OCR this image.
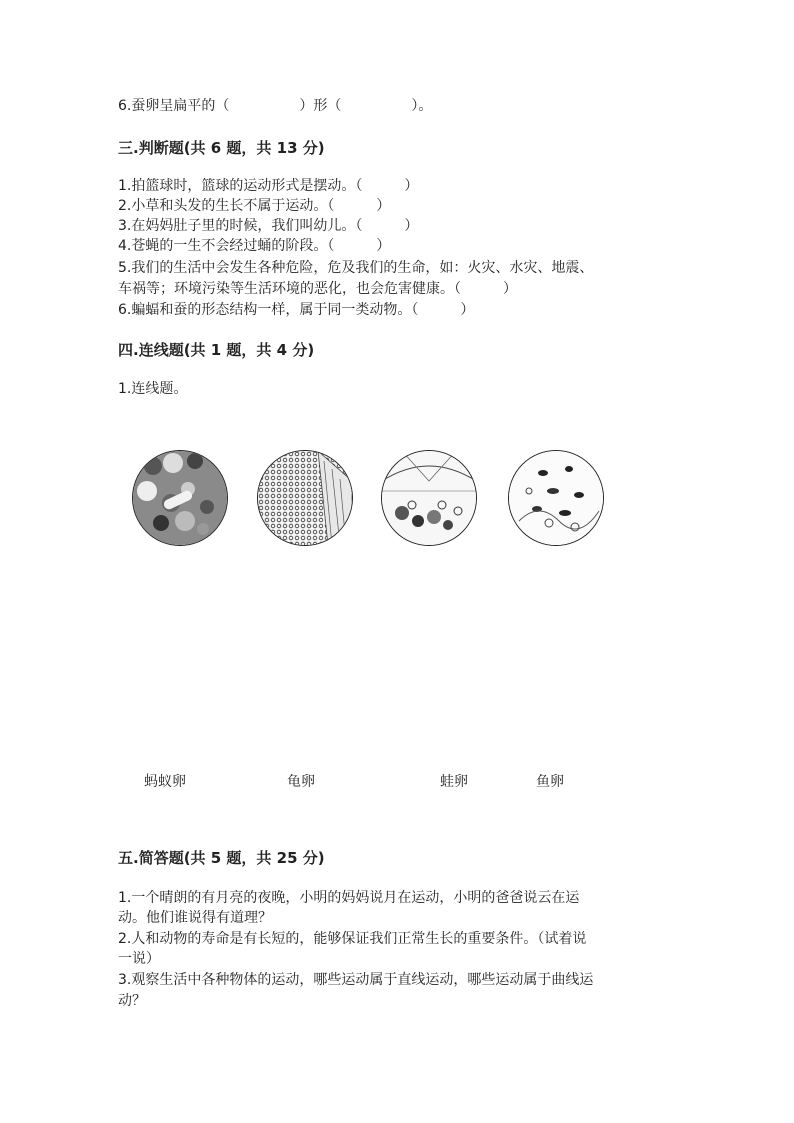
6.蚕卵呈扁平的（　　　　　）形（　　　　　）。
三.判断题(共 6 题，共 13 分)
1.拍篮球时，篮球的运动形式是摆动。（　　　）
2.小草和头发的生长不属于运动。（　　　）
3.在妈妈肚子里的时候，我们叫幼儿。（　　　）
4.苍蝇的一生不会经过蛹的阶段。（　　　）
5.我们的生活中会发生各种危险，危及我们的生命，如：火灾、水灾、地震、
车祸等；环境污染等生活环境的恶化，也会危害健康。（　　　）
6.蝙蝠和蚕的形态结构一样，属于同一类动物。（　　　）
四.连线题(共 1 题，共 4 分)
1.连线题。
蚂蚁卵	龟卵	蛙卵	鱼卵
五.简答题(共 5 题，共 25 分)
1.一个晴朗的有月亮的夜晚，小明的妈妈说月在运动，小明的爸爸说云在运
动。他们谁说得有道理？
2.人和动物的寿命是有长短的，能够保证我们正常生长的重要条件。（试着说
一说）
3.观察生活中各种物体的运动，哪些运动属于直线运动，哪些运动属于曲线运
动？
